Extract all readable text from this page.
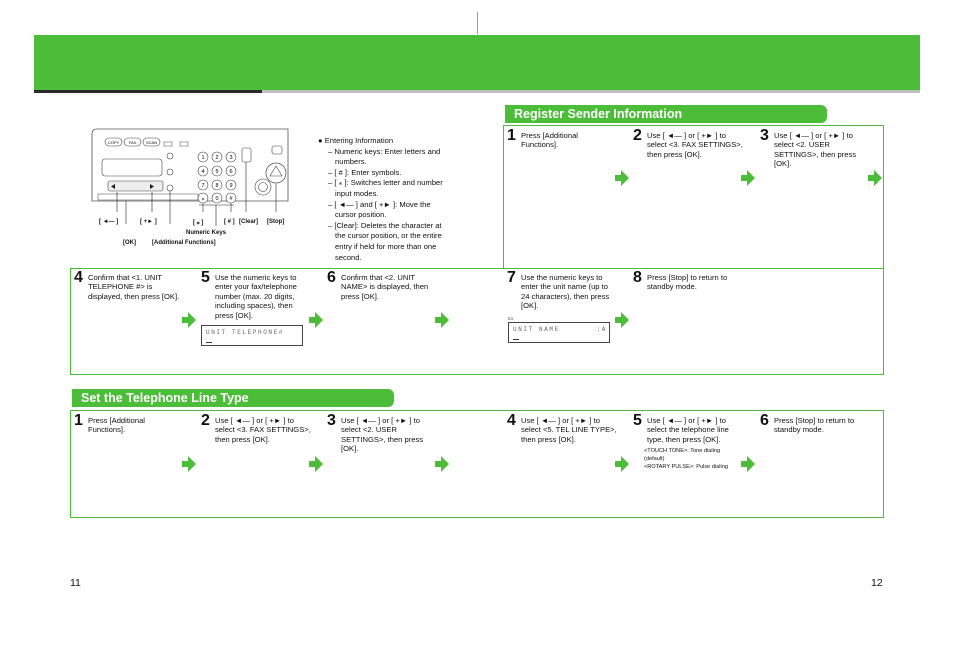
COPY FAX SCAN
1 2 3
4 5 6
7 8 9
⁎ 0 #
[ ◄— ]	[ +► ]	[ ⁎ ]	[ # ] [Clear] [Stop]
Numeric Keys
[OK]	[Additional Functions]
● Entering Information
– Numeric keys: Enter letters and
numbers.
– [ # ]: Enter symbols.
– [ ⁎ ]: Switches letter and number
input modes.
– [ ◄— ] and [ +► ]: Move the
cursor position.
– [Clear]: Deletes the character at
the cursor position, or the entire
entry if held for more than one
second.
Register Sender Information
1 Press [Additional Functions].
2 Use [ ◄— ] or [ +► ] to select <3. FAX SETTINGS>, then press [OK].
3 Use [ ◄— ] or [ +► ] to select <2. USER SETTINGS>, then press [OK].
4 Confirm that <1. UNIT TELEPHONE #> is displayed, then press [OK].
5 Use the numeric keys to enter your fax/telephone number (max. 20 digits, including spaces), then press [OK].
6 Confirm that <2. UNIT NAME> is displayed, then press [OK].
7 Use the numeric keys to enter the unit name (up to 24 characters), then press [OK].
8 Press [Stop] to return to standby mode.
UNIT TELEPHONE#
Ex.
UNIT NAME	:A
Set the Telephone Line Type
1 Press [Additional Functions].
2 Use [ ◄— ] or [ +► ] to select <3. FAX SETTINGS>, then press [OK].
3 Use [ ◄— ] or [ +► ] to select <2. USER SETTINGS>, then press [OK].
4 Use [ ◄— ] or [ +► ] to select <5. TEL LINE TYPE>, then press [OK].
5 Use [ ◄— ] or [ +► ] to select the telephone line type, then press [OK].
<TOUCH TONE>: Tone dialing
(default)
<ROTARY PULSE>: Pulse dialing
6 Press [Stop] to return to standby mode.
11	12
